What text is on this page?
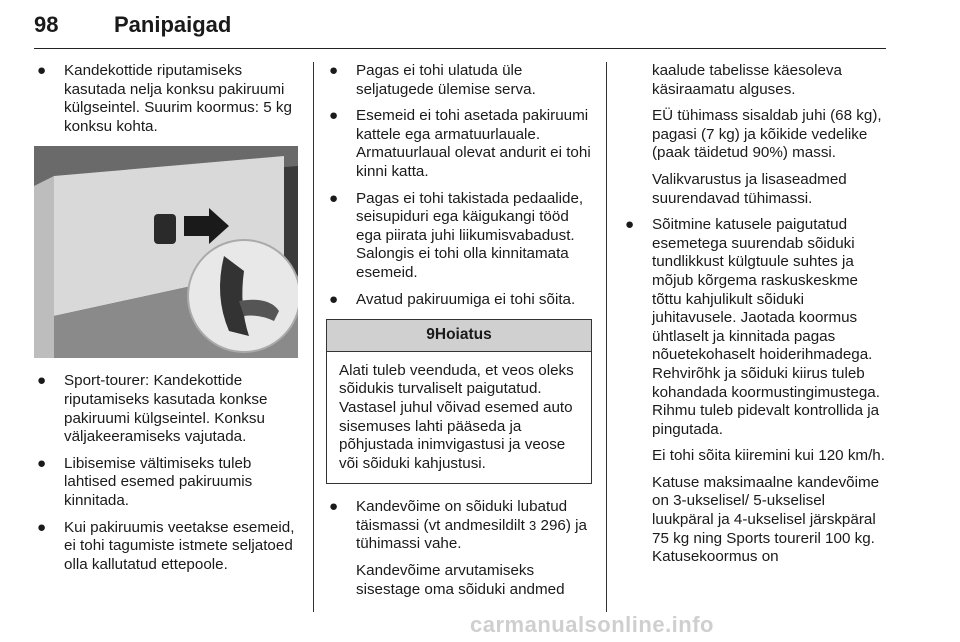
98	Panipaigad
● Kandekottide riputamiseks kasutada nelja konksu pakiruumi külgseintel. Suurim koormus: 5 kg konksu kohta.
● Sport-tourer: Kandekottide riputamiseks kasutada konkse pakiruumi külgseintel. Konksu väljakeeramiseks vajutada.
● Libisemise vältimiseks tuleb lahtised esemed pakiruumis kinnitada.
● Kui pakiruumis veetakse esemeid, ei tohi tagumiste istmete seljatoed olla kallutatud ettepoole.
● Pagas ei tohi ulatuda üle seljatugede ülemise serva.
● Esemeid ei tohi asetada pakiruumi kattele ega armatuurlauale. Armatuurlaual olevat andurit ei tohi kinni katta.
● Pagas ei tohi takistada pedaalide, seisupiduri ega käigukangi tööd ega piirata juhi liikumisvabadust. Salongis ei tohi olla kinnitamata esemeid.
● Avatud pakiruumiga ei tohi sõita.
9Hoiatus
Alati tuleb veenduda, et veos oleks sõidukis turvaliselt paigutatud. Vastasel juhul võivad esemed auto sisemuses lahti pääseda ja põhjustada inimvigastusi ja veose või sõiduki kahjustusi.
● Kandevõime on sõiduki lubatud täismassi (vt andmesildilt 3 296) ja tühimassi vahe.
Kandevõime arvutamiseks sisestage oma sõiduki andmed
kaalude tabelisse käesoleva käsiraamatu alguses.
EÜ tühimass sisaldab juhi (68 kg), pagasi (7 kg) ja kõikide vedelike (paak täidetud 90%) massi.
Valikvarustus ja lisaseadmed suurendavad tühimassi.
● Sõitmine katusele paigutatud esemetega suurendab sõiduki tundlikkust külgtuule suhtes ja mõjub kõrgema raskuskeskme tõttu kahjulikult sõiduki juhitavusele. Jaotada koormus ühtlaselt ja kinnitada pagas nõuetekohaselt hoiderihmadega. Rehvirõhk ja sõiduki kiirus tuleb kohandada koormustingimustega. Rihmu tuleb pidevalt kontrollida ja pingutada.
Ei tohi sõita kiiremini kui 120 km/h.
Katuse maksimaalne kandevõime on 3-ukselisel/ 5-ukselisel luukpäral ja 4-ukselisel järskpäral 75 kg ning Sports toureril 100 kg. Katusekoormus on
carmanualsonline.info
